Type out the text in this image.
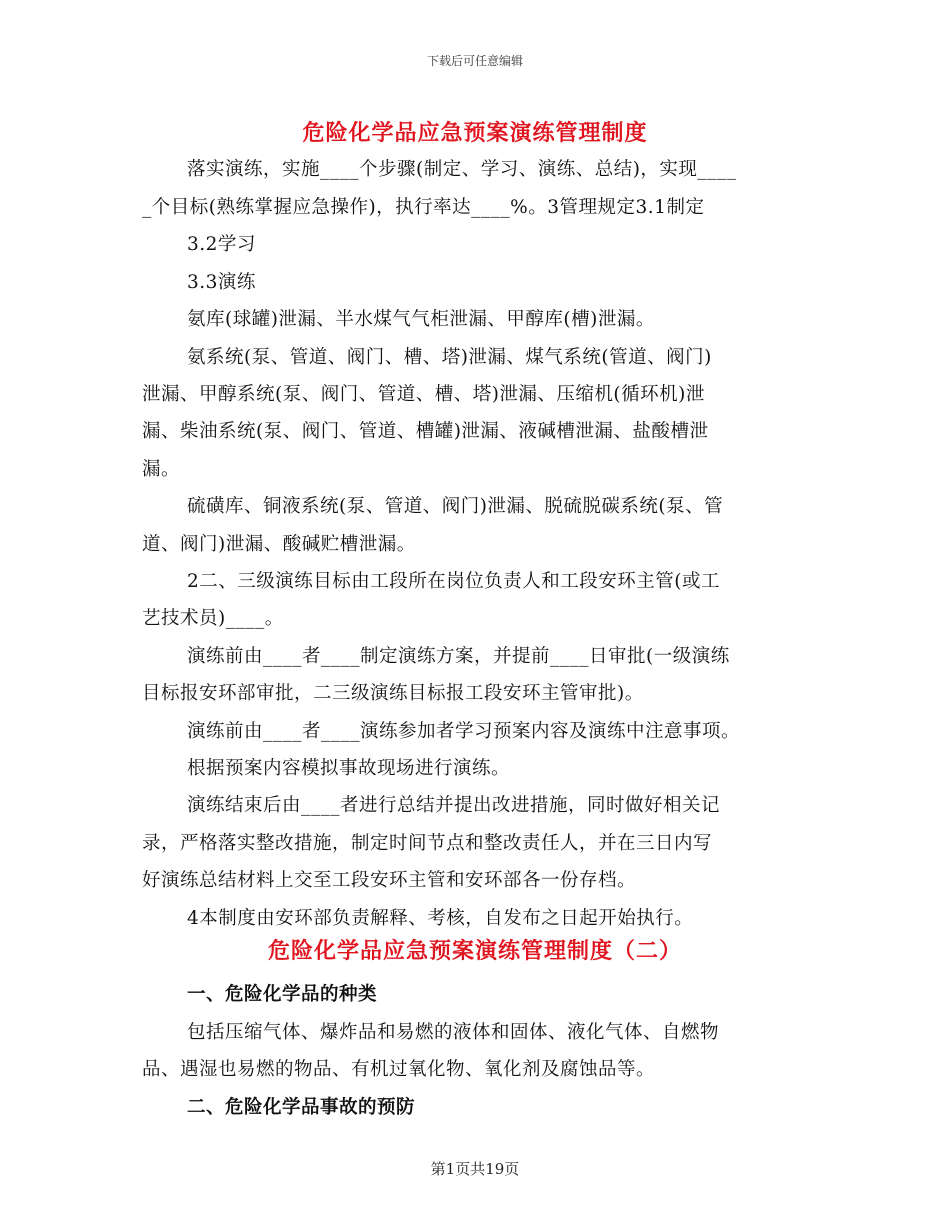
下载后可任意编辑
危险化学品应急预案演练管理制度
落实演练，实施____个步骤(制定、学习、演练、总结)，实现____
_个目标(熟练掌握应急操作)，执行率达____%。3管理规定3.1制定
3.2学习
3.3演练
氨库(球罐)泄漏、半水煤气气柜泄漏、甲醇库(槽)泄漏。
氨系统(泵、管道、阀门、槽、塔)泄漏、煤气系统(管道、阀门)
泄漏、甲醇系统(泵、阀门、管道、槽、塔)泄漏、压缩机(循环机)泄
漏、柴油系统(泵、阀门、管道、槽罐)泄漏、液碱槽泄漏、盐酸槽泄
漏。
硫磺库、铜液系统(泵、管道、阀门)泄漏、脱硫脱碳系统(泵、管
道、阀门)泄漏、酸碱贮槽泄漏。
2二、三级演练目标由工段所在岗位负责人和工段安环主管(或工
艺技术员)____。
演练前由____者____制定演练方案，并提前____日审批(一级演练
目标报安环部审批，二三级演练目标报工段安环主管审批)。
演练前由____者____演练参加者学习预案内容及演练中注意事项。
根据预案内容模拟事故现场进行演练。
演练结束后由____者进行总结并提出改进措施，同时做好相关记
录，严格落实整改措施，制定时间节点和整改责任人，并在三日内写
好演练总结材料上交至工段安环主管和安环部各一份存档。
4本制度由安环部负责解释、考核，自发布之日起开始执行。
危险化学品应急预案演练管理制度（二）
一、危险化学品的种类
包括压缩气体、爆炸品和易燃的液体和固体、液化气体、自燃物
品、遇湿也易燃的物品、有机过氧化物、氧化剂及腐蚀品等。
二、危险化学品事故的预防
第1页共19页
